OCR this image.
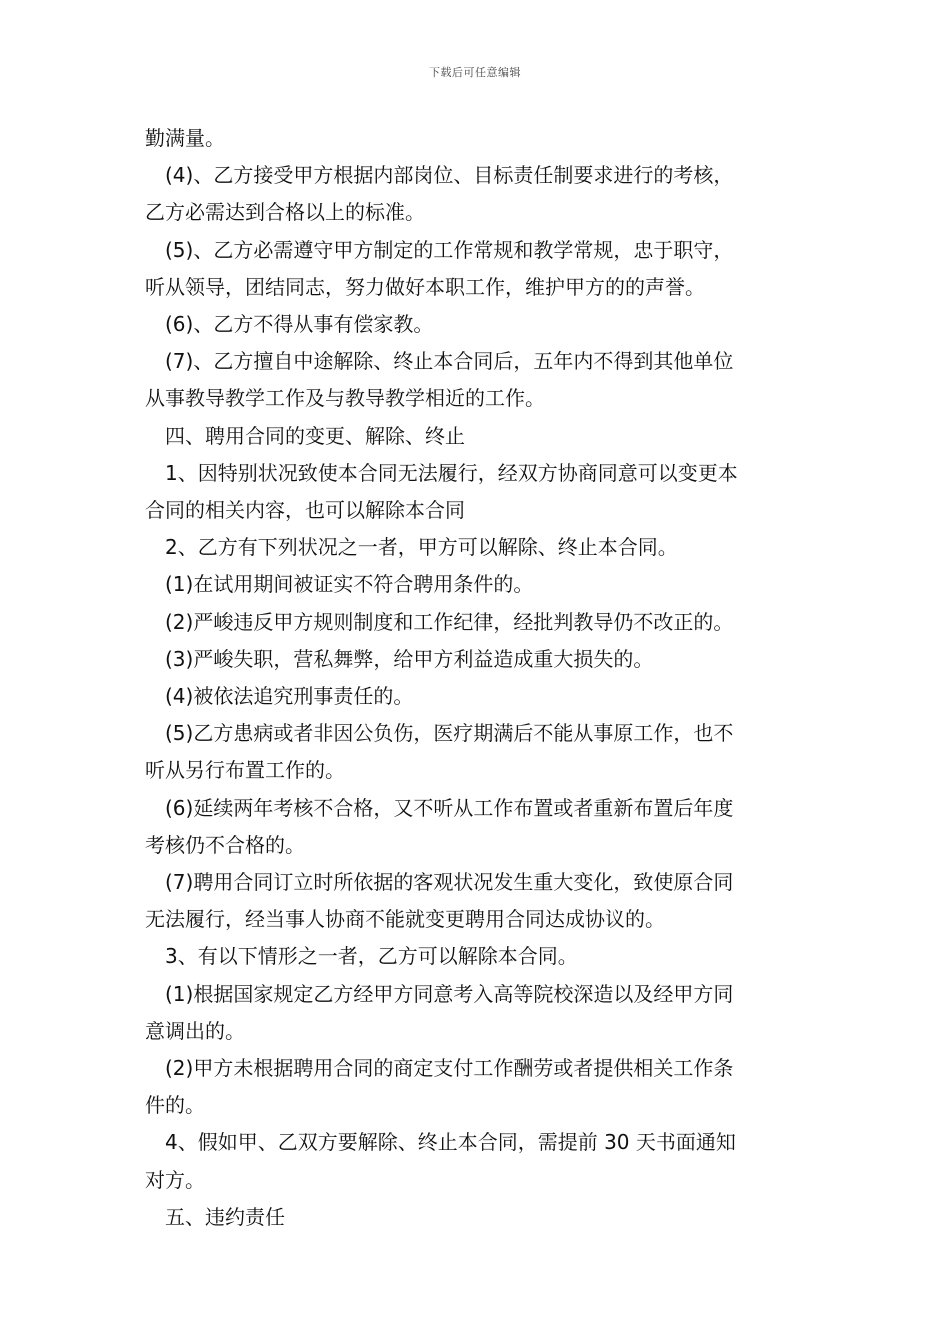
下载后可任意编辑
勤满量。
(4)、乙方接受甲方根据内部岗位、目标责任制要求进行的考核，
乙方必需达到合格以上的标准。
(5)、乙方必需遵守甲方制定的工作常规和教学常规，忠于职守，
听从领导，团结同志，努力做好本职工作，维护甲方的的声誉。
(6)、乙方不得从事有偿家教。
(7)、乙方擅自中途解除、终止本合同后，五年内不得到其他单位
从事教导教学工作及与教导教学相近的工作。
四、聘用合同的变更、解除、终止
1、因特别状况致使本合同无法履行，经双方协商同意可以变更本
合同的相关内容，也可以解除本合同
2、乙方有下列状况之一者，甲方可以解除、终止本合同。
(1)在试用期间被证实不符合聘用条件的。
(2)严峻违反甲方规则制度和工作纪律，经批判教导仍不改正的。
(3)严峻失职，营私舞弊，给甲方利益造成重大损失的。
(4)被依法追究刑事责任的。
(5)乙方患病或者非因公负伤，医疗期满后不能从事原工作，也不
听从另行布置工作的。
(6)延续两年考核不合格，又不听从工作布置或者重新布置后年度
考核仍不合格的。
(7)聘用合同订立时所依据的客观状况发生重大变化，致使原合同
无法履行，经当事人协商不能就变更聘用合同达成协议的。
3、有以下情形之一者，乙方可以解除本合同。
(1)根据国家规定乙方经甲方同意考入高等院校深造以及经甲方同
意调出的。
(2)甲方未根据聘用合同的商定支付工作酬劳或者提供相关工作条
件的。
4、假如甲、乙双方要解除、终止本合同，需提前 30 天书面通知
对方。
五、违约责任
